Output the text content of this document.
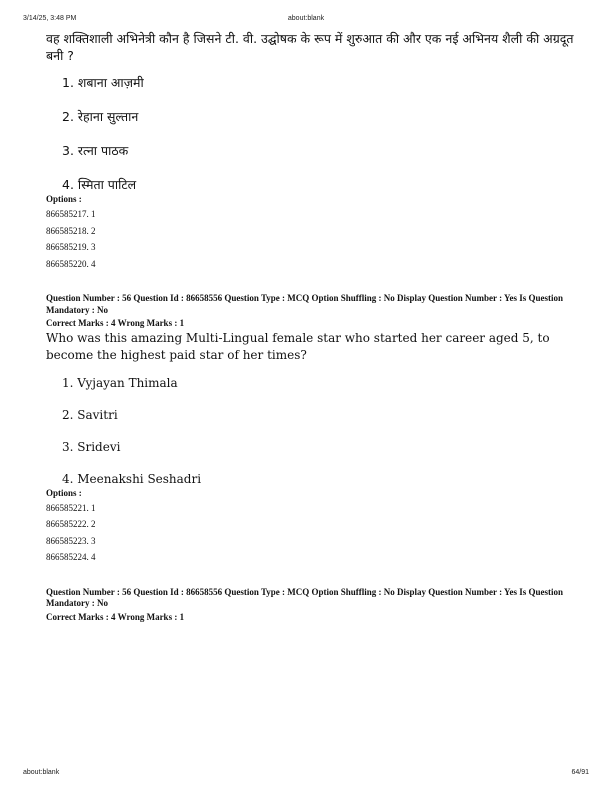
about:blank
3/14/25, 3:48 PM

वह शक्तिशाली अभिनेत्री कौन है जिसने टी. वी. उद्घोषक के रूप में शुरुआत की और एक नई अभिनय शैली की अग्रदूत बनी ?

1. शबाना आज़मी
2. रेहाना सुल्तान
3. रत्ना पाठक
4. स्मिता पाटिल
Options :
866585217. 1
866585218. 2
866585219. 3
866585220. 4
Question Number : 56 Question Id : 86658556 Question Type : MCQ Option Shuffling : No Display Question Number : Yes Is Question Mandatory : No
Correct Marks : 4 Wrong Marks : 1

Who was this amazing Multi-Lingual female star who started her career aged 5, to become the highest paid star of her times?

1. Vyjayan Thimala
2. Savitri
3. Sridevi
4. Meenakshi Seshadri
Options :
866585221. 1
866585222. 2
866585223. 3
866585224. 4
Question Number : 56 Question Id : 86658556 Question Type : MCQ Option Shuffling : No Display Question Number : Yes Is Question Mandatory : No
Correct Marks : 4 Wrong Marks : 1
about:blank	64/91
